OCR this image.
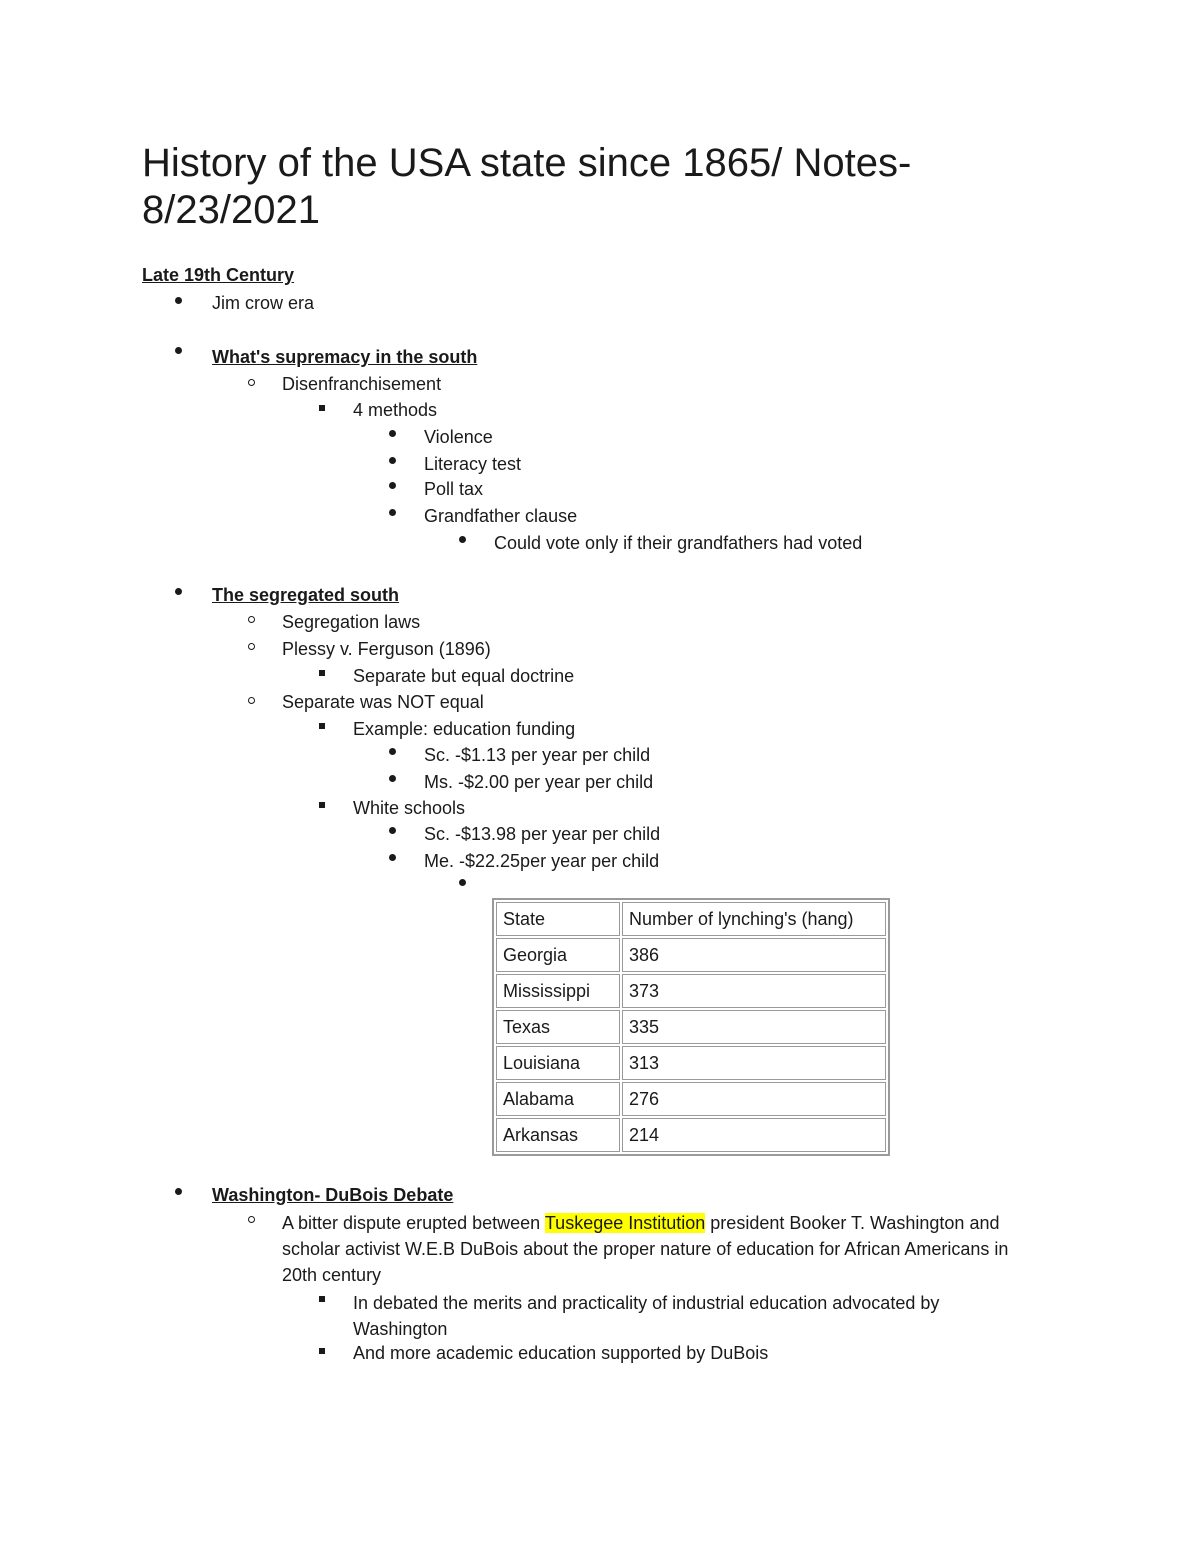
History of the USA state since 1865/ Notes- 8/23/2021
Late 19th Century
Jim crow era
What's supremacy in the south
Disenfranchisement
4 methods
Violence
Literacy test
Poll tax
Grandfather clause
Could vote only if their grandfathers had voted
The segregated south
Segregation laws
Plessy v. Ferguson (1896)
Separate but equal doctrine
Separate was NOT equal
Example: education funding
Sc. -$1.13 per year per child
Ms. -$2.00 per year per child
White schools
Sc. -$13.98 per year per child
Me. -$22.25per year per child
State	Number of lynching's (hang)
Georgia	386
Mississippi	373
Texas	335
Louisiana	313
Alabama	276
Arkansas	214
Washington- DuBois Debate
A bitter dispute erupted between Tuskegee Institution president Booker T. Washington and scholar activist W.E.B DuBois about the proper nature of education for African Americans in 20th century
In debated the merits and practicality of industrial education advocated by Washington
And more academic education supported by DuBois
